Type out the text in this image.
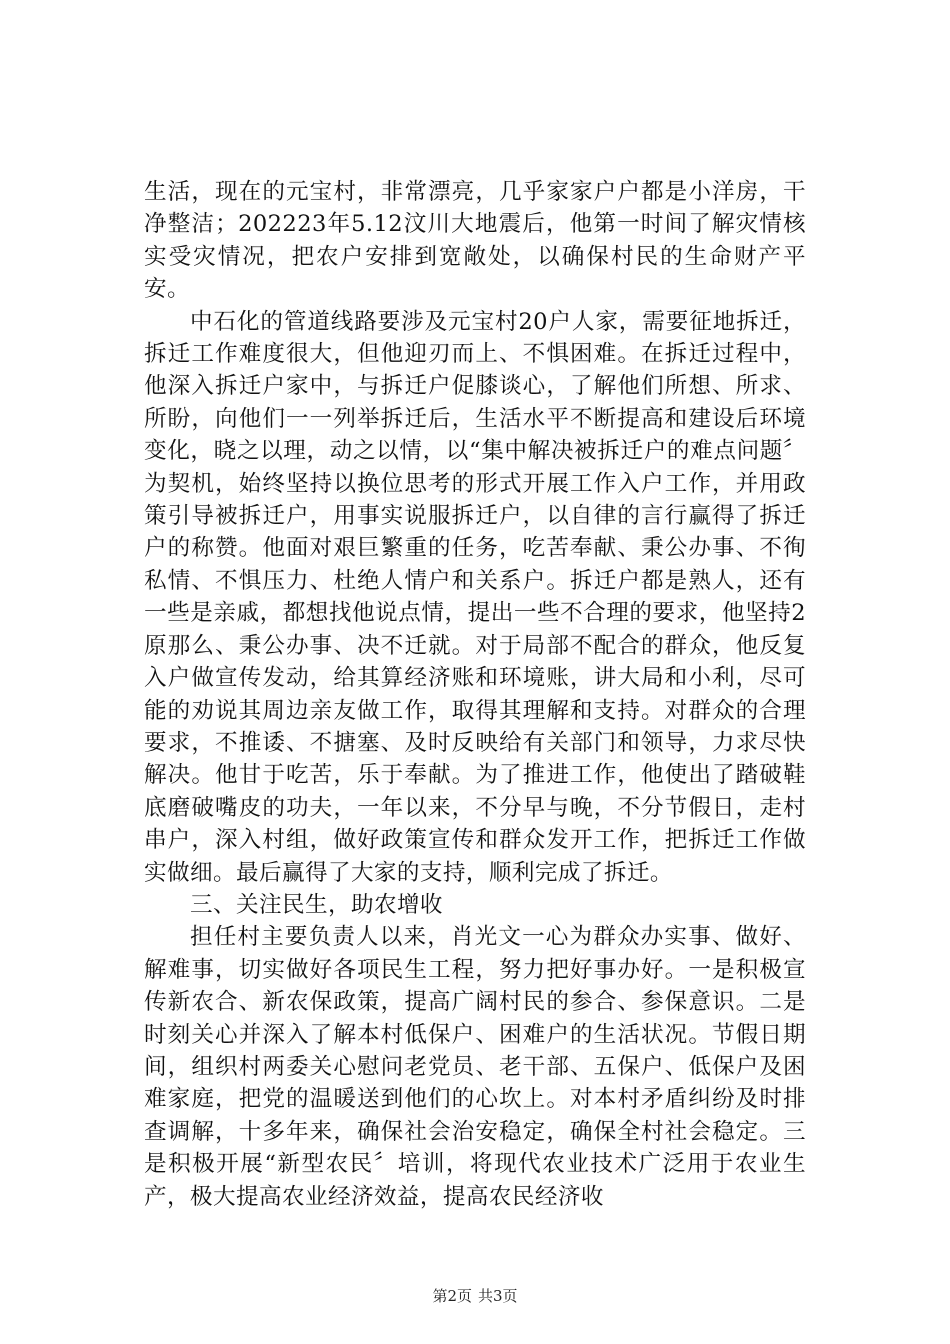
生活，现在的元宝村，非常漂亮，几乎家家户户都是小洋房，干净整洁；202223年5.12汶川大地震后，他第一时间了解灾情核实受灾情况，把农户安排到宽敞处，以确保村民的生命财产平安。

中石化的管道线路要涉及元宝村20户人家，需要征地拆迁，拆迁工作难度很大，但他迎刃而上、不惧困难。在拆迁过程中，他深入拆迁户家中，与拆迁户促膝谈心，了解他们所想、所求、所盼，向他们一一列举拆迁后，生活水平不断提高和建设后环境变化，晓之以理，动之以情，以“集中解决被拆迁户的难点问题〞为契机，始终坚持以换位思考的形式开展工作入户工作，并用政策引导被拆迁户，用事实说服拆迁户，以自律的言行赢得了拆迁户的称赞。他面对艰巨繁重的任务，吃苦奉献、秉公办事、不徇私情、不惧压力、杜绝人情户和关系户。拆迁户都是熟人，还有一些是亲戚，都想找他说点情，提出一些不合理的要求，他坚持2原那么、秉公办事、决不迁就。对于局部不配合的群众，他反复入户做宣传发动，给其算经济账和环境账，讲大局和小利，尽可能的劝说其周边亲友做工作，取得其理解和支持。对群众的合理要求，不推诿、不搪塞、及时反映给有关部门和领导，力求尽快解决。他甘于吃苦，乐于奉献。为了推进工作，他使出了踏破鞋底磨破嘴皮的功夫，一年以来，不分早与晚，不分节假日，走村串户，深入村组，做好政策宣传和群众发开工作，把拆迁工作做实做细。最后赢得了大家的支持，顺利完成了拆迁。

三、关注民生，助农增收

担任村主要负责人以来，肖光文一心为群众办实事、做好、解难事，切实做好各项民生工程，努力把好事办好。一是积极宣传新农合、新农保政策，提高广阔村民的参合、参保意识。二是时刻关心并深入了解本村低保户、困难户的生活状况。节假日期间，组织村两委关心慰问老党员、老干部、五保户、低保户及困难家庭，把党的温暖送到他们的心坎上。对本村矛盾纠纷及时排查调解，十多年来，确保社会治安稳定，确保全村社会稳定。三是积极开展“新型农民〞培训，将现代农业技术广泛用于农业生产，极大提高农业经济效益，提高农民经济收

第2页 共3页
